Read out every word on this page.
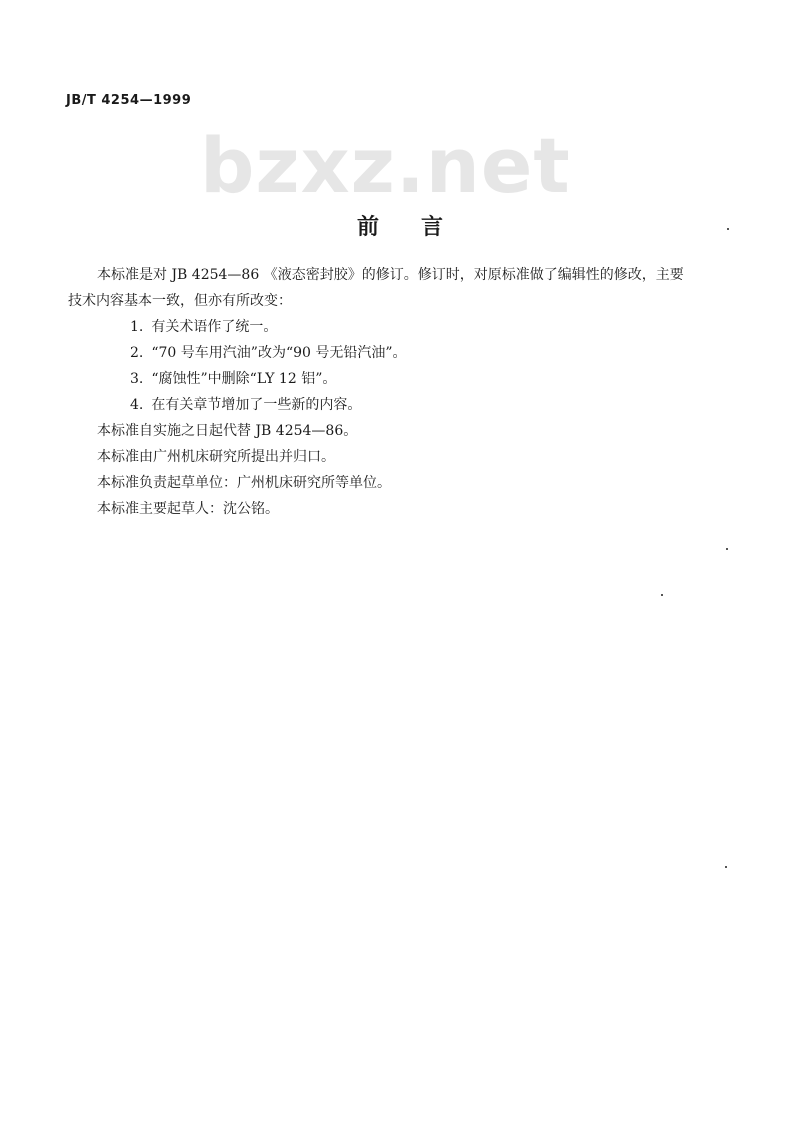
JB/T 4254—1999
bzxz.net
前言
本标准是对 JB 4254—86 《液态密封胶》的修订。修订时，对原标准做了编辑性的修改，主要
技术内容基本一致，但亦有所改变：
1. 有关术语作了统一。
2. “70 号车用汽油”改为“90 号无铅汽油”。
3. “腐蚀性”中删除“LY 12 铝”。
4. 在有关章节增加了一些新的内容。

本标准自实施之日起代替 JB 4254—86。

本标准由广州机床研究所提出并归口。

本标准负责起草单位：广州机床研究所等单位。

本标准主要起草人：沈公铭。
